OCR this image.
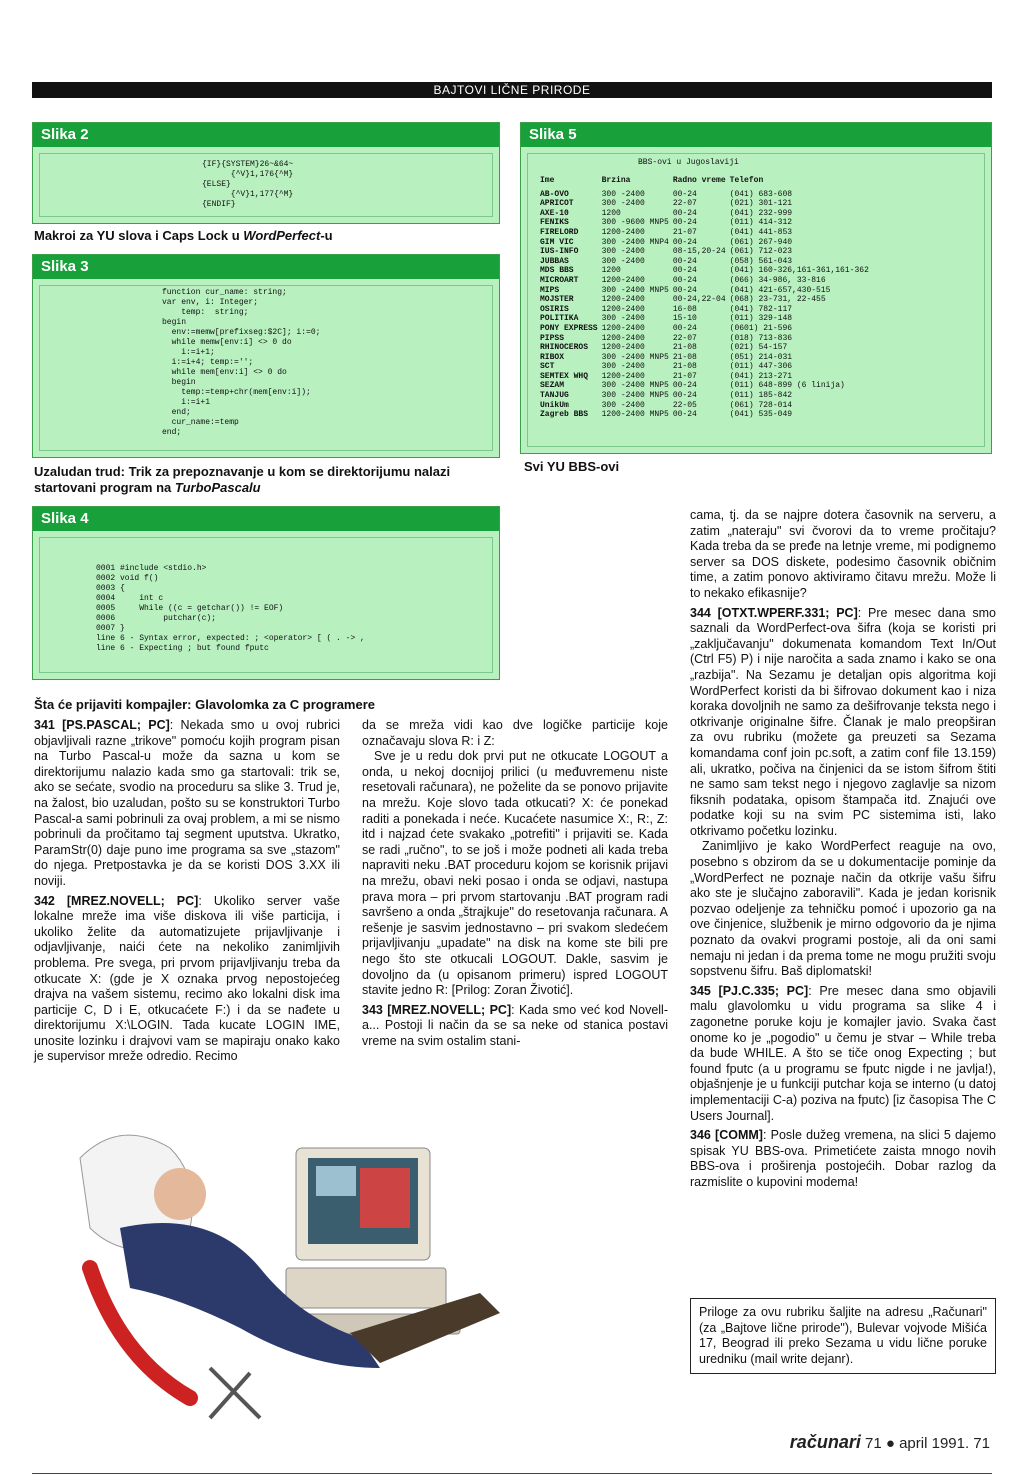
BAJTOVI LIČNE PRIRODE
Slika 2
{IF}{SYSTEM}26~&64~
{^V}1,176{^M}
{ELSE}
{^V}1,177{^M}
{ENDIF}
Makroi za YU slova i Caps Lock u WordPerfect-u
Slika 3
function cur_name: string;
var env, i: Integer;
temp:  string;
begin
env:=memw[prefixseg:$2C]; i:=0;
while memw[env:i] <> 0 do
i:=i+1;
i:=i+4; temp:='';
while mem[env:i] <> 0 do
begin
temp:=temp+chr(mem[env:i]);
i:=i+1
end;
cur_name:=temp
end;
Uzaludan trud: Trik za prepoznavanje u kom se direktorijumu nalazi startovani program na TurboPascalu
Slika 4
0001 #include <stdio.h>
0002 void f()
0003 {
0004     int c
0005     While ((c = getchar()) != EOF)
0006          putchar(c);
0007 }
line 6 - Syntax error, expected: ; <operator> [ ( . -> ,
line 6 - Expecting ; but found fputc
Šta će prijaviti kompajler: Glavolomka za C programere
Slika 5
BBS-ovi u Jugoslaviji
Ime	Brzina	Radno vreme	Telefon
AB-OVO	300 -2400	00-24	(041) 683-608
APRICOT	300 -2400	22-07	(021) 301-121
AXE-10	1200	00-24	(041) 232-999
FENIKS	300 -9600 MNP5	00-24	(011) 414-312
FIRELORD	1200-2400	21-07	(041) 441-853
GIM VIC	300 -2400 MNP4	00-24	(061) 267-940
IUS-INFO	300 -2400	08-15,20-24	(061) 712-023
JUBBAS	300 -2400	00-24	(058) 561-043
MDS BBS	1200	00-24	(041) 160-326,161-361,161-362
MICROART	1200-2400	00-24	(066) 34-986, 33-816
MIPS	300 -2400 MNP5	00-24	(041) 421-657,430-515
MOJSTER	1200-2400	00-24,22-04	(068) 23-731, 22-455
OSIRIS	1200-2400	16-08	(041) 782-117
POLITIKA	300 -2400	15-10	(011) 329-148
PONY EXPRESS	1200-2400	00-24	(0601) 21-596
PIPSS	1200-2400	22-07	(018) 713-836
RHINOCEROS	1200-2400	21-08	(021) 54-157
RIBOX	300 -2400 MNP5	21-08	(051) 214-031
SCT	300 -2400	21-08	(011) 447-306
SEMTEX WHQ	1200-2400	21-07	(041) 213-271
SEZAM	300 -2400 MNP5	00-24	(011) 648-899 (6 linija)
TANJUG	300 -2400 MNP5	00-24	(011) 185-842
UnikUm	300 -2400	22-05	(061) 728-014
Zagreb BBS	1200-2400 MNP5	00-24	(041) 535-049
Svi YU BBS-ovi

341 [PS.PASCAL; PC]: Nekada smo u ovoj rubrici objavljivali razne „trikove" pomoću kojih program pisan na Turbo Pascal-u može da sazna u kom se direktorijumu nalazio kada smo ga startovali: trik se, ako se sećate, svodio na proceduru sa slike 3. Trud je, na žalost, bio uzaludan, pošto su se konstruktori Turbo Pascal-a sami pobrinuli za ovaj problem, a mi se nismo pobrinuli da pročitamo taj segment uputstva. Ukratko, ParamStr(0) daje puno ime programa sa sve „stazom" do njega. Pretpostavka je da se koristi DOS 3.XX ili noviji.

342 [MREZ.NOVELL; PC]: Ukoliko server vaše lokalne mreže ima više diskova ili više particija, i ukoliko želite da automatizujete prijavljivanje i odjavljivanje, naići ćete na nekoliko zanimljivih problema. Pre svega, pri prvom prijavljivanju treba da otkucate X: (gde je X oznaka prvog nepostojećeg drajva na vašem sistemu, recimo ako lokalni disk ima particije C, D i E, otkucaćete F:) i da se nađete u direktorijumu X:\LOGIN. Tada kucate LOGIN IME, unosite lozinku i drajvovi vam se mapiraju onako kako je supervisor mreže odredio. Recimo

da se mreža vidi kao dve logičke particije koje označavaju slova R: i Z:

Sve je u redu dok prvi put ne otkucate LOGOUT a onda, u nekoj docnijoj prilici (u međuvremenu niste resetovali računara), ne poželite da se ponovo prijavite na mrežu. Koje slovo tada otkucati? X: će ponekad raditi a ponekada i neće. Kucaćete nasumice X:, R:, Z: itd i najzad ćete svakako „potrefiti" i prijaviti se. Kada se radi „ručno", to se još i može podneti ali kada treba napraviti neku .BAT proceduru kojom se korisnik prijavi na mrežu, obavi neki posao i onda se odjavi, nastupa prava mora – pri prvom startovanju .BAT program radi savršeno a onda „štrajkuje" do resetovanja računara. A rešenje je sasvim jednostavno – pri svakom sledećem prijavljivanju „upadate" na disk na kome ste bili pre nego što ste otkucali LOGOUT. Dakle, sasvim je dovoljno da (u opisanom primeru) ispred LOGOUT stavite jedno R: [Prilog: Zoran Životić].

343 [MREZ.NOVELL; PC]: Kada smo već kod Novell-a... Postoji li način da se sa neke od stanica postavi vreme na svim ostalim stani-

cama, tj. da se najpre dotera časovnik na serveru, a zatim „nateraju" svi čvorovi da to vreme pročitaju? Kada treba da se pređe na letnje vreme, mi podignemo server sa DOS diskete, podesimo časovnik običnim time, a zatim ponovo aktiviramo čitavu mrežu. Može li to nekako efikasnije?

344 [OTXT.WPERF.331; PC]: Pre mesec dana smo saznali da WordPerfect-ova šifra (koja se koristi pri „zaključavanju" dokumenata komandom Text In/Out (Ctrl F5) P) i nije naročita a sada znamo i kako se ona „razbija". Na Sezamu je detaljan opis algoritma koji WordPerfect koristi da bi šifrovao dokument kao i niza koraka dovoljnih ne samo za dešifrovanje teksta nego i otkrivanje originalne šifre. Članak je malo preopširan za ovu rubriku (možete ga preuzeti sa Sezama komandama conf join pc.soft, a zatim conf file 13.159) ali, ukratko, počiva na činjenici da se istom šifrom štiti ne samo sam tekst nego i njegovo zaglavlje sa nizom fiksnih podataka, opisom štampača itd. Znajući ove podatke koji su na svim PC sistemima isti, lako otkrivamo početku lozinku.

Zanimljivo je kako WordPerfect reaguje na ovo, posebno s obzirom da se u dokumentacije pominje da „WordPerfect ne poznaje način da otkrije vašu šifru ako ste je slučajno zaboravili". Kada je jedan korisnik pozvao odeljenje za tehničku pomoć i upozorio ga na ove činjenice, službenik je mirno odgovorio da je njima poznato da ovakvi programi postoje, ali da oni sami nemaju ni jedan i da prema tome ne mogu pružiti svoju sopstvenu šifru. Baš diplomatski!

345 [PJ.C.335; PC]: Pre mesec dana smo objavili malu glavolomku u vidu programa sa slike 4 i zagonetne poruke koju je komajler javio. Svaka čast onome ko je „pogodio" u čemu je stvar – While treba da bude WHILE. A što se tiče onog Expecting ; but found fputc (a u programu se fputc nigde i ne javlja!), objašnjenje je u funkciji putchar koja se interno (u datoj implementaciji C-a) poziva na fputc) [iz časopisa The C Users Journal].

346 [COMM]: Posle dužeg vremena, na slici 5 dajemo spisak YU BBS-ova. Primetićete zaista mnogo novih BBS-ova i proširenja postojećih. Dobar razlog da razmislite o kupovini modema!

Priloge za ovu rubriku šaljite na adresu „Računari" (za „Bajtove lične prirode"), Bulevar vojvode Mišića 17, Beograd ili preko Sezama u vidu lične poruke uredniku (mail write dejanr).
računari 71 ● april 1991. 71
